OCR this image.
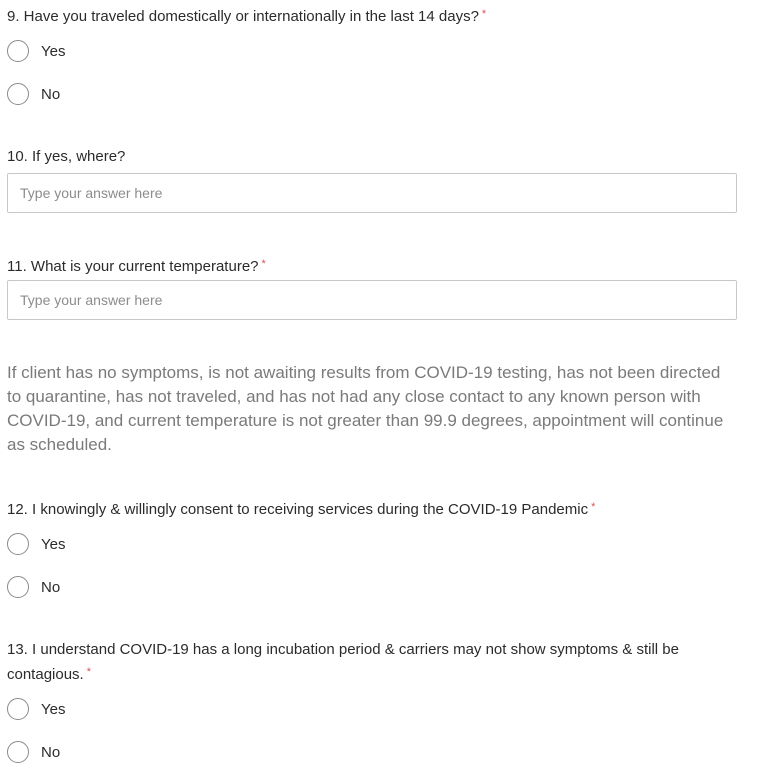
9. Have you traveled domestically or internationally in the last 14 days? *
Yes
No
10. If yes, where?
Type your answer here
11. What is your current temperature? *
Type your answer here
If client has no symptoms, is not awaiting results from COVID-19 testing, has not been directed to quarantine, has not traveled, and has not had any close contact to any known person with COVID-19, and current temperature is not greater than 99.9 degrees, appointment will continue as scheduled.
12. I knowingly & willingly consent to receiving services during the COVID-19 Pandemic *
Yes
No
13. I understand COVID-19 has a long incubation period & carriers may not show symptoms & still be contagious. *
Yes
No
